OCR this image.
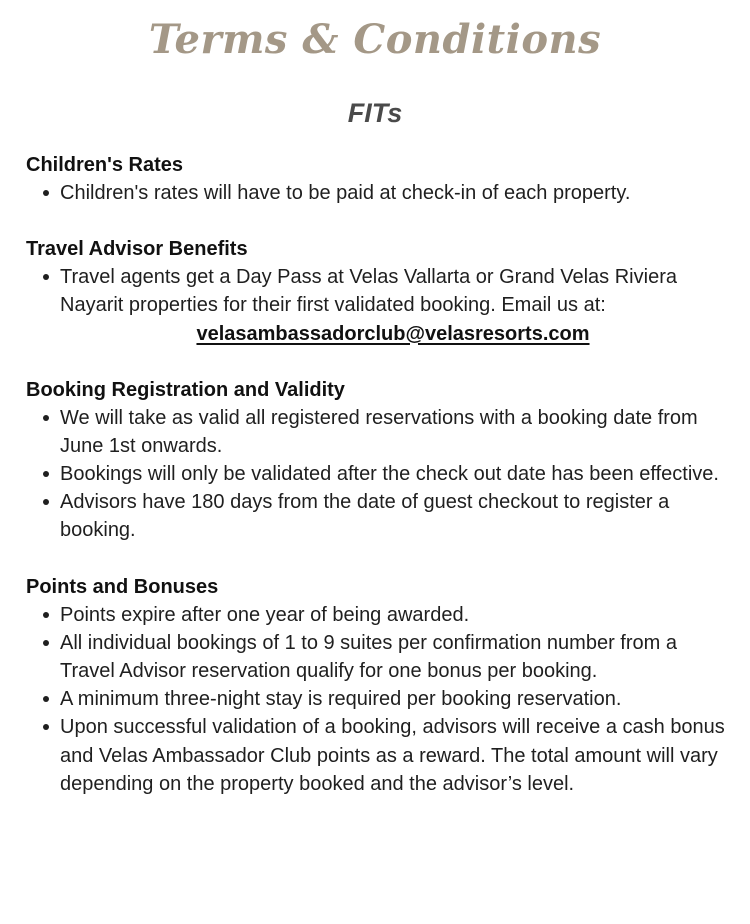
Terms & Conditions
FITs
Children's Rates
Children's rates will have to be paid at check-in of each property.
Travel Advisor Benefits
Travel agents get a Day Pass at Velas Vallarta or Grand Velas Riviera Nayarit properties for their first validated booking. Email us at:
velasambassadorclub@velasresorts.com
Booking Registration and Validity
We will take as valid all registered reservations with a booking date from June 1st onwards.
Bookings will only be validated after the check out date has been effective.
Advisors have 180 days from the date of guest checkout to register a booking.
Points and Bonuses
Points expire after one year of being awarded.
All individual bookings of 1 to 9 suites per confirmation number from a Travel Advisor reservation qualify for one bonus per booking.
A minimum three-night stay is required per booking reservation.
Upon successful validation of a booking, advisors will receive a cash bonus and Velas Ambassador Club points as a reward. The total amount will vary depending on the property booked and the advisor’s level.
